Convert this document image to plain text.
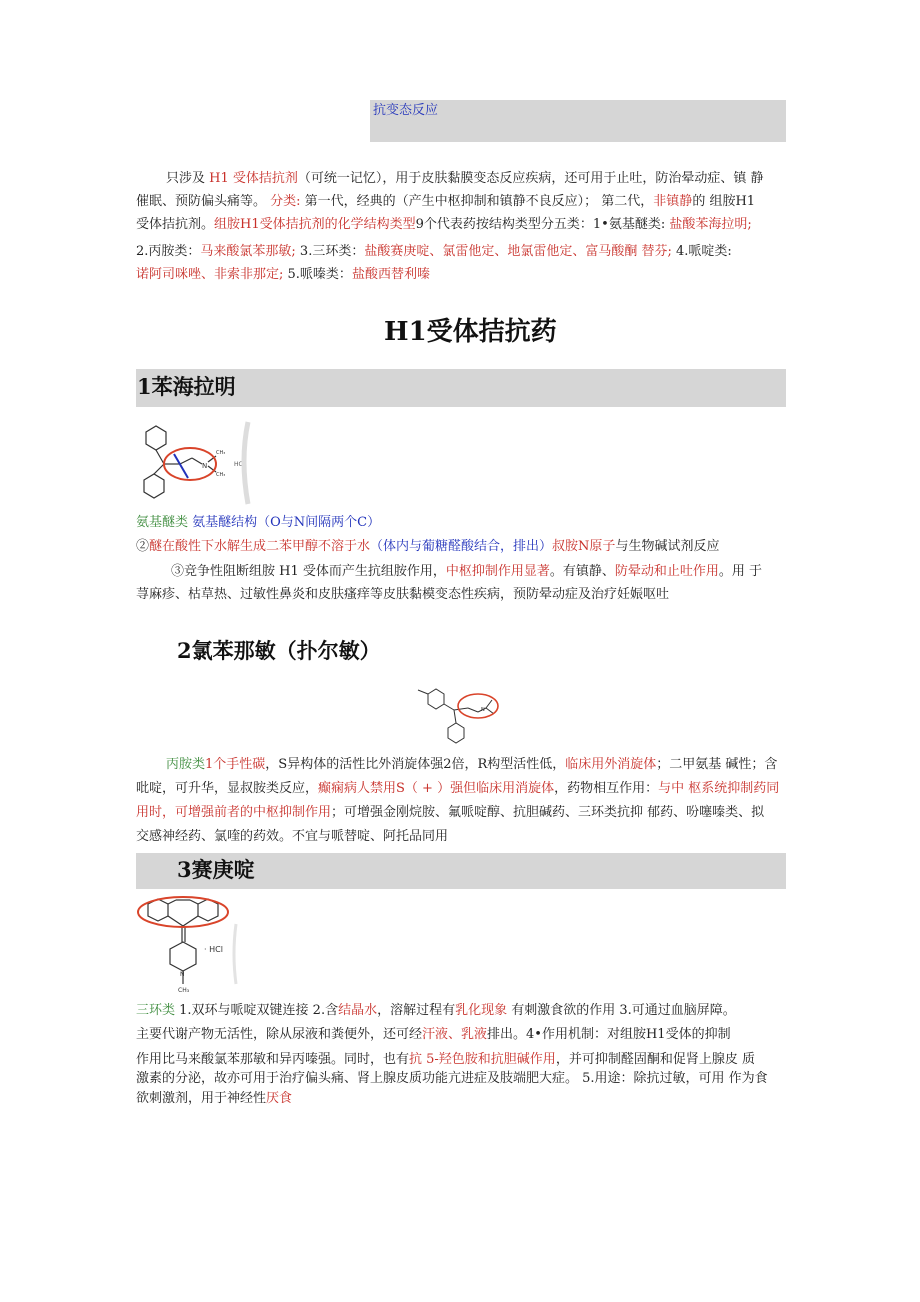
抗变态反应
只涉及 H1 受体拮抗剂（可统一记忆），用于皮肤黏膜变态反应疾病，还可用于止吐，防治晕动症、镇 静
催眠、预防偏头痛等。 分类: 第一代，经典的（产生中枢抑制和镇静不良反应）； 第二代，非镇静的 组胺H1
受体拮抗剂。组胺H1受体拮抗剂的化学结构类型9个代表药按结构类型分五类：1•氨基醚类: 盐酸苯海拉明;
2.丙胺类：马来酸氯苯那敏; 3.三环类：盐酸赛庚啶、氯雷他定、地氯雷他定、富马酸酮 替芬; 4.哌啶类:
诺阿司咪唑、非索非那定; 5.哌嗪类：盐酸西替利嗪
H1受体拮抗药
1苯海拉明
N
CH₃
CH₃
HCl
氨基醚类 氨基醚结构（O与N间隔两个C）
②醚在酸性下水解生成二苯甲醇不溶于水（体内与葡糖醛酸结合，排出）叔胺N原子与生物碱试剂反应
③竞争性阻断组胺 H1 受体而产生抗组胺作用，中枢抑制作用显著。有镇静、防晕动和止吐作用。用 于
荨麻疹、枯草热、过敏性鼻炎和皮肤瘙痒等皮肤黏模变态性疾病，预防晕动症及治疗妊娠呕吐
2氯苯那敏（扑尔敏）
N
丙胺类1个手性碳，S异构体的活性比外消旋体强2倍，R构型活性低，临床用外消旋体；二甲氨基 碱性；含
吡啶，可升华，显叔胺类反应，癫痫病人禁用S（ + ）强但临床用消旋体，药物相互作用：与中 枢系统抑制药同
用时，可增强前者的中枢抑制作用；可增强金刚烷胺、氟哌啶醇、抗胆碱药、三环类抗抑 郁药、吩噻嗪类、拟
交感神经药、氯喹的药效。不宜与哌替啶、阿托品同用
3赛庚啶
N
CH₃
· HCl
三环类 1.双环与哌啶双键连接 2.含结晶水，溶解过程有乳化现象 有刺激食欲的作用 3.可通过血脑屏障。
主要代谢产物无活性，除从尿液和粪便外，还可经汗液、乳液排出。4•作用机制：对组胺H1受体的抑制
作用比马来酸氯苯那敏和异丙嗪强。同时，也有抗 5-羟色胺和抗胆碱作用，并可抑制醛固酮和促肾上腺皮 质
激素的分泌，故亦可用于治疗偏头痛、肾上腺皮质功能亢进症及肢端肥大症。 5.用途：除抗过敏，可用 作为食
欲刺激剂，用于神经性厌食
